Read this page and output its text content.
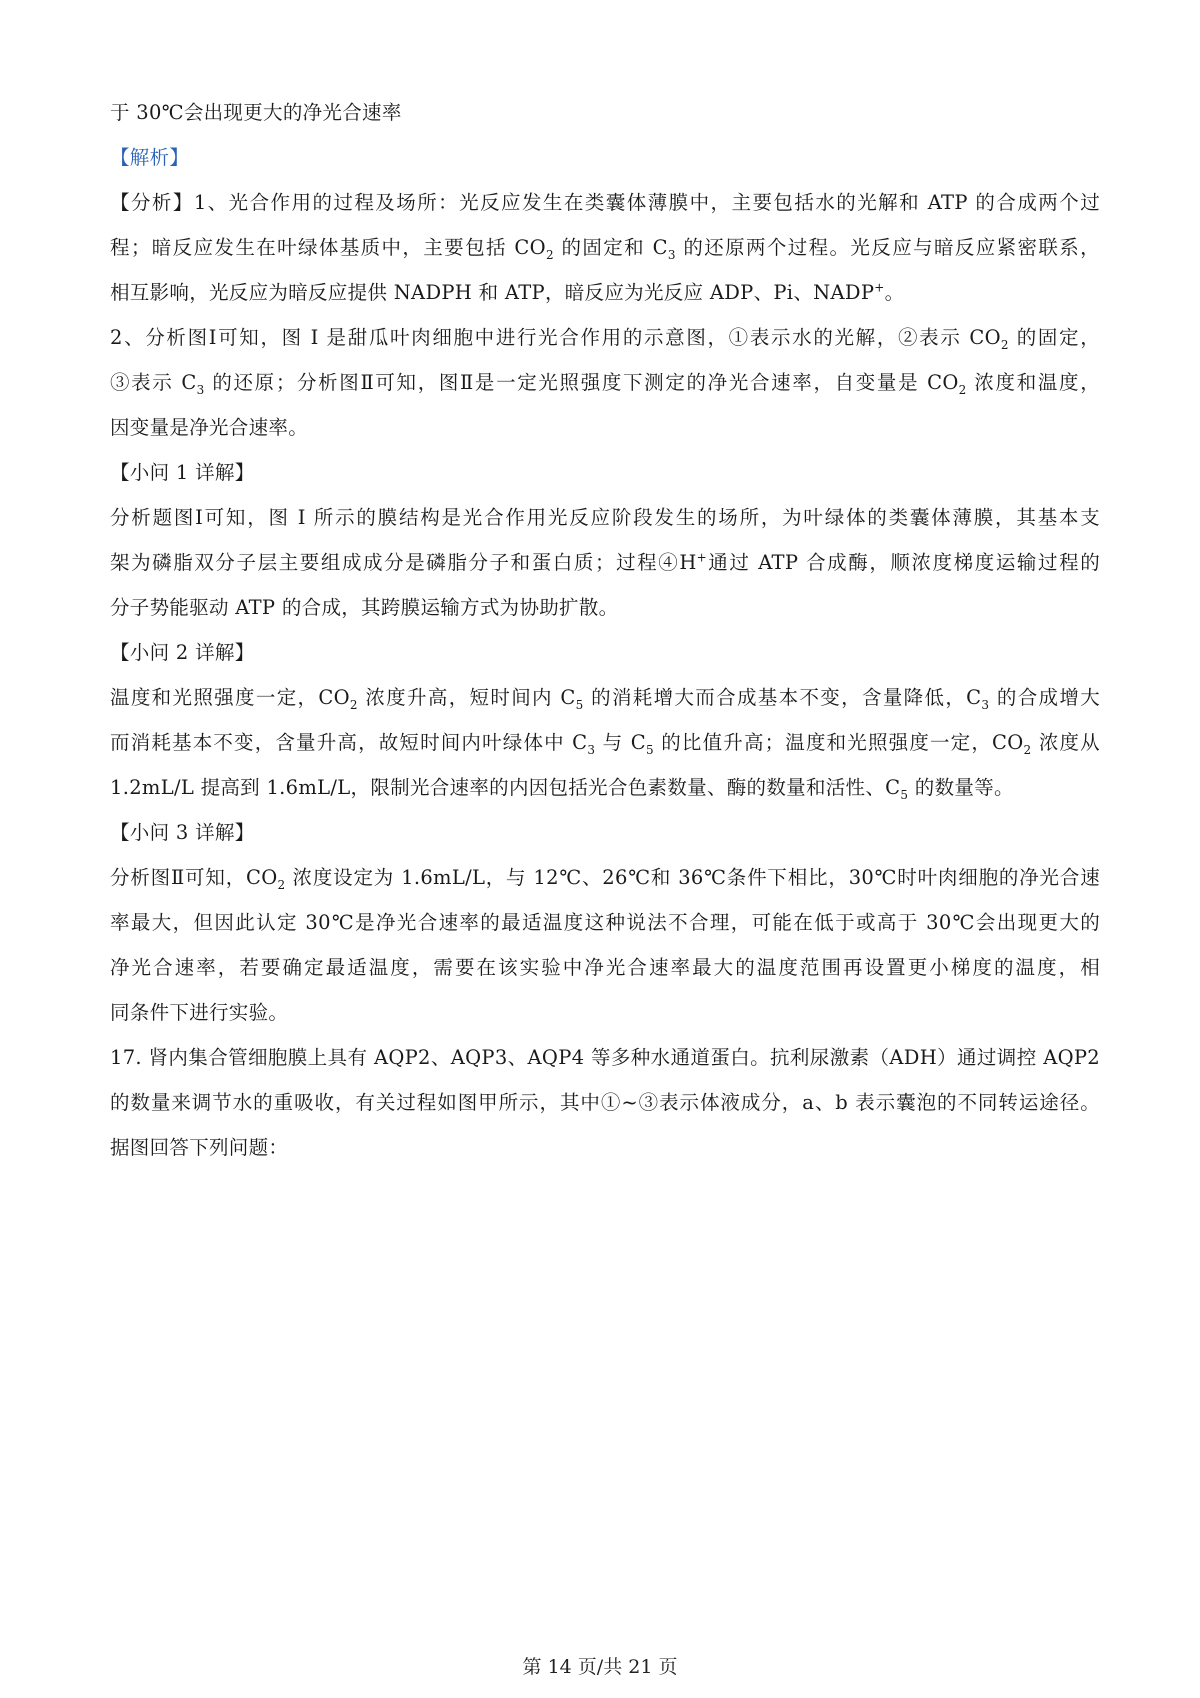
于 30℃会出现更大的净光合速率
【解析】
【分析】1、光合作用的过程及场所：光反应发生在类囊体薄膜中，主要包括水的光解和 ATP 的合成两个过
程；暗反应发生在叶绿体基质中，主要包括 $CO_2$ 的固定和 $C_3$ 的还原两个过程。光反应与暗反应紧密联系，
相互影响，光反应为暗反应提供 NADPH 和 ATP，暗反应为光反应 ADP、Pi、NADP+。
2、分析图Ⅰ可知，图 I 是甜瓜叶肉细胞中进行光合作用的示意图，①表示水的光解，②表示 $CO_2$ 的固定，
③表示 $C_3$ 的还原；分析图Ⅱ可知，图Ⅱ是一定光照强度下测定的净光合速率，自变量是 $CO_2$ 浓度和温度，
因变量是净光合速率。
【小问 1 详解】
分析题图Ⅰ可知，图 I 所示的膜结构是光合作用光反应阶段发生的场所，为叶绿体的类囊体薄膜，其基本支
架为磷脂双分子层主要组成成分是磷脂分子和蛋白质；过程④H+通过 ATP 合成酶，顺浓度梯度运输过程的
分子势能驱动 ATP 的合成，其跨膜运输方式为协助扩散。
【小问 2 详解】
温度和光照强度一定，$CO_2$ 浓度升高，短时间内 $C_5$ 的消耗增大而合成基本不变，含量降低，$C_3$ 的合成增大
而消耗基本不变，含量升高，故短时间内叶绿体中 $C_3$ 与 $C_5$ 的比值升高；温度和光照强度一定，$CO_2$ 浓度从
1.2mL/L 提高到 1.6mL/L，限制光合速率的内因包括光合色素数量、酶的数量和活性、$C_5$ 的数量等。
【小问 3 详解】
分析图Ⅱ可知，$CO_2$ 浓度设定为 1.6mL/L，与 12℃、26℃和 36℃条件下相比，30℃时叶肉细胞的净光合速
率最大，但因此认定 30℃是净光合速率的最适温度这种说法不合理，可能在低于或高于 30℃会出现更大的
净光合速率，若要确定最适温度，需要在该实验中净光合速率最大的温度范围再设置更小梯度的温度，相
同条件下进行实验。
17. 肾内集合管细胞膜上具有 AQP2、AQP3、AQP4 等多种水通道蛋白。抗利尿激素（ADH）通过调控 AQP2
的数量来调节水的重吸收，有关过程如图甲所示，其中①~③表示体液成分，a、b 表示囊泡的不同转运途径。
据图回答下列问题：
第 14 页/共 21 页
